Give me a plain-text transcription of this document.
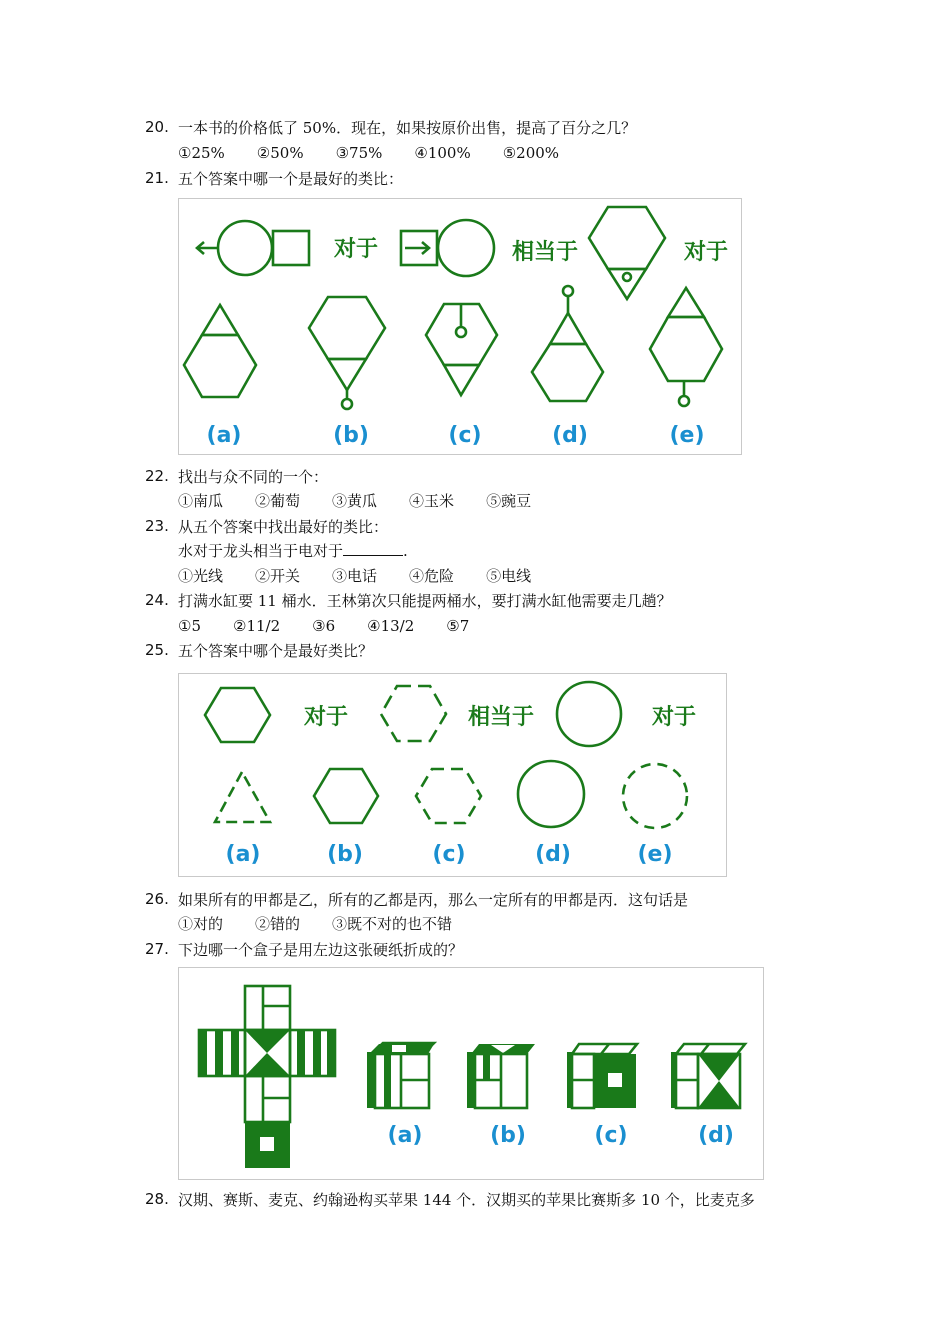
20. 一本书的价格低了 50%．现在，如果按原价出售，提高了百分之几？
①25% ②50% ③75% ④100% ⑤200%
21. 五个答案中哪一个是最好的类比：
对于	相当于	对于
(a)	(b)	(c)	(d)	(e)
22. 找出与众不同的一个：
①南瓜 ②葡萄 ③黄瓜 ④玉米 ⑤豌豆
23. 从五个答案中找出最好的类比：
水对于龙头相当于电对于	.
①光线 ②开关 ③电话 ④危险 ⑤电线
24. 打满水缸要 11 桶水．王林第次只能提两桶水，要打满水缸他需要走几趟？
①5 ②11/2 ③6 ④13/2 ⑤7
25. 五个答案中哪个是最好类比？
对于	相当于	对于
(a)	(b)	(c)	(d)	(e)
26. 如果所有的甲都是乙，所有的乙都是丙，那么一定所有的甲都是丙．这句话是
①对的 ②错的 ③既不对的也不错
27. 下边哪一个盒子是用左边这张硬纸折成的？
(a)	(b)	(c)	(d)
28. 汉期、赛斯、麦克、约翰逊构买苹果 144 个．汉期买的苹果比赛斯多 10 个，比麦克多
